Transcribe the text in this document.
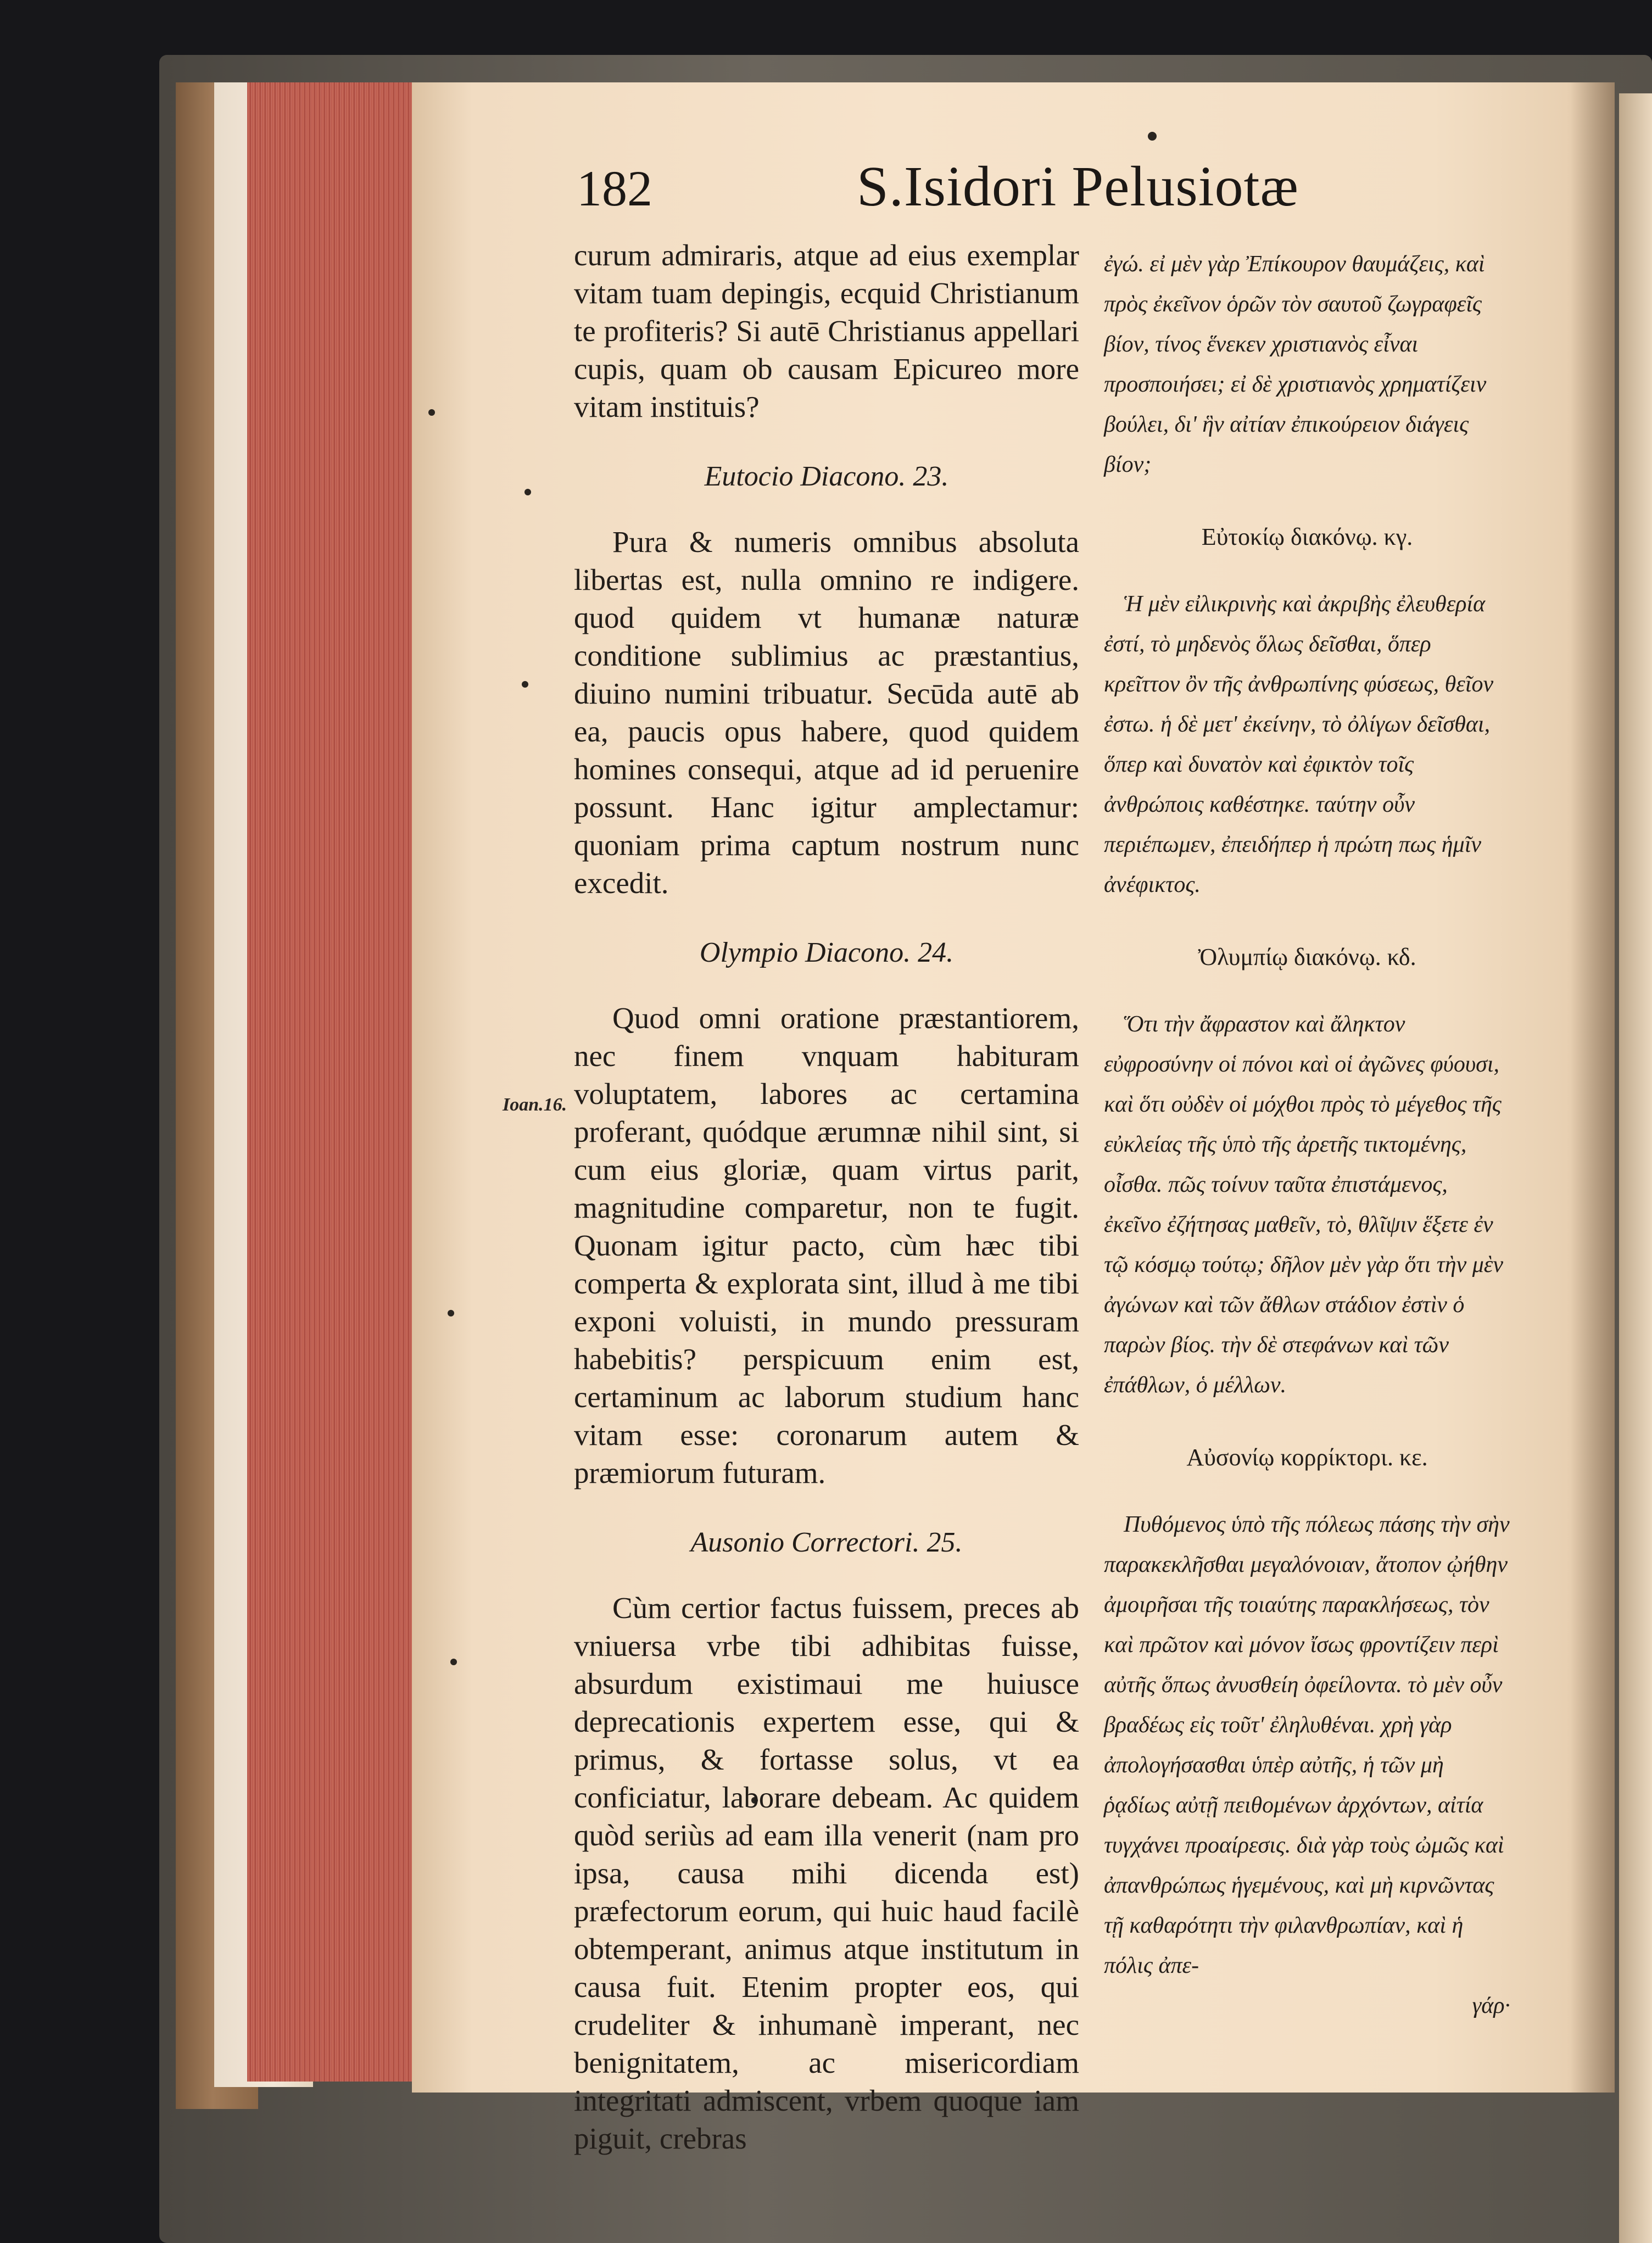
182	S.Isidori Pelusiotæ
Ioan.16.

curum admiraris, atque ad eius exemplar vitam tuam depingis, ecquid Christianum te profiteris? Si autē Christianus appellari cupis, quam ob causam Epicureo more vitam instituis?

Eutocio Diacono. 23.

Pura & numeris omnibus absoluta libertas est, nulla omnino re indigere. quod quidem vt humanæ naturæ conditione sublimius ac præstantius, diuino numini tribuatur. Secūda autē ab ea, paucis opus habere, quod quidem homines consequi, atque ad id peruenire possunt. Hanc igitur amplectamur: quoniam prima captum nostrum nunc excedit.

Olympio Diacono. 24.

Quod omni oratione præstantiorem, nec finem vnquam habituram voluptatem, labores ac certamina proferant, quódque ærumnæ nihil sint, si cum eius gloriæ, quam virtus parit, magnitudine comparetur, non te fugit. Quonam igitur pacto, cùm hæc tibi comperta & explorata sint, illud à me tibi exponi voluisti, in mundo pressuram habebitis? perspicuum enim est, certaminum ac laborum studium hanc vitam esse: coronarum autem & præmiorum futuram.

Ausonio Correctori. 25.

Cùm certior factus fuissem, preces ab vniuersa vrbe tibi adhibitas fuisse, absurdum existimaui me huiusce deprecationis expertem esse, qui & primus, & fortasse solus, vt ea conficiatur, laborare debeam. Ac quidem quòd seriùs ad eam illa venerit (nam pro ipsa, causa mihi dicenda est) præfectorum eorum, qui huic haud facilè obtemperant, animus atque institutum in causa fuit. Etenim propter eos, qui crudeliter & inhumanè imperant, nec benignitatem, ac misericordiam integritati admiscent, vrbem quoque iam piguit, crebras

ἐγώ. εἰ μὲν γὰρ Ἐπίκουρον θαυμάζεις, καὶ πρὸς ἐκεῖνον ὁρῶν τὸν σαυτοῦ ζωγραφεῖς βίον, τίνος ἕνεκεν χριστιανὸς εἶναι προσποιήσει; εἰ δὲ χριστιανὸς χρηματίζειν βούλει, δι' ἣν αἰτίαν ἐπικούρειον διάγεις βίον;

Εὐτοκίῳ διακόνῳ. κγ.

Ἡ μὲν εἰλικρινὴς καὶ ἀκριβὴς ἐλευθερία ἐστί, τὸ μηδενὸς ὅλως δεῖσθαι, ὅπερ κρεῖττον ὂν τῆς ἀνθρωπίνης φύσεως, θεῖον ἐστω. ἡ δὲ μετ' ἐκείνην, τὸ ὀλίγων δεῖσθαι, ὅπερ καὶ δυνατὸν καὶ ἐφικτὸν τοῖς ἀνθρώποις καθέστηκε. ταύτην οὖν περιέπωμεν, ἐπειδήπερ ἡ πρώτη πως ἡμῖν ἀνέφικτος.

Ὀλυμπίῳ διακόνῳ. κδ.

Ὅτι τὴν ἄφραστον καὶ ἄληκτον εὐφροσύνην οἱ πόνοι καὶ οἱ ἀγῶνες φύουσι, καὶ ὅτι οὐδὲν οἱ μόχθοι πρὸς τὸ μέγεθος τῆς εὐκλείας τῆς ὑπὸ τῆς ἀρετῆς τικτομένης, οἶσθα. πῶς τοίνυν ταῦτα ἐπιστάμενος, ἐκεῖνο ἐζήτησας μαθεῖν, τὸ, θλῖψιν ἕξετε ἐν τῷ κόσμῳ τούτῳ; δῆλον μὲν γὰρ ὅτι τὴν μὲν ἀγώνων καὶ τῶν ἄθλων στάδιον ἐστὶν ὁ παρὼν βίος. τὴν δὲ στεφάνων καὶ τῶν ἐπάθλων, ὁ μέλλων.

Αὐσονίῳ κορρίκτορι. κε.

Πυθόμενος ὑπὸ τῆς πόλεως πάσης τὴν σὴν παρακεκλῆσθαι μεγαλόνοιαν, ἄτοπον ᾠήθην ἀμοιρῆσαι τῆς τοιαύτης παρακλήσεως, τὸν καὶ πρῶτον καὶ μόνον ἴσως φροντίζειν περὶ αὐτῆς ὅπως ἀνυσθείη ὀφείλοντα. τὸ μὲν οὖν βραδέως εἰς τοῦτ' ἐληλυθέναι. χρὴ γὰρ ἀπολογήσασθαι ὑπὲρ αὐτῆς, ἡ τῶν μὴ ῥᾳδίως αὐτῇ πειθομένων ἀρχόντων, αἰτία τυγχάνει προαίρεσις. διὰ γὰρ τοὺς ὠμῶς καὶ ἀπανθρώπως ἡγεμένους, καὶ μὴ κιρνῶντας τῇ καθαρότητι τὴν φιλανθρωπίαν, καὶ ἡ πόλις ἀπε-

γάρ·
